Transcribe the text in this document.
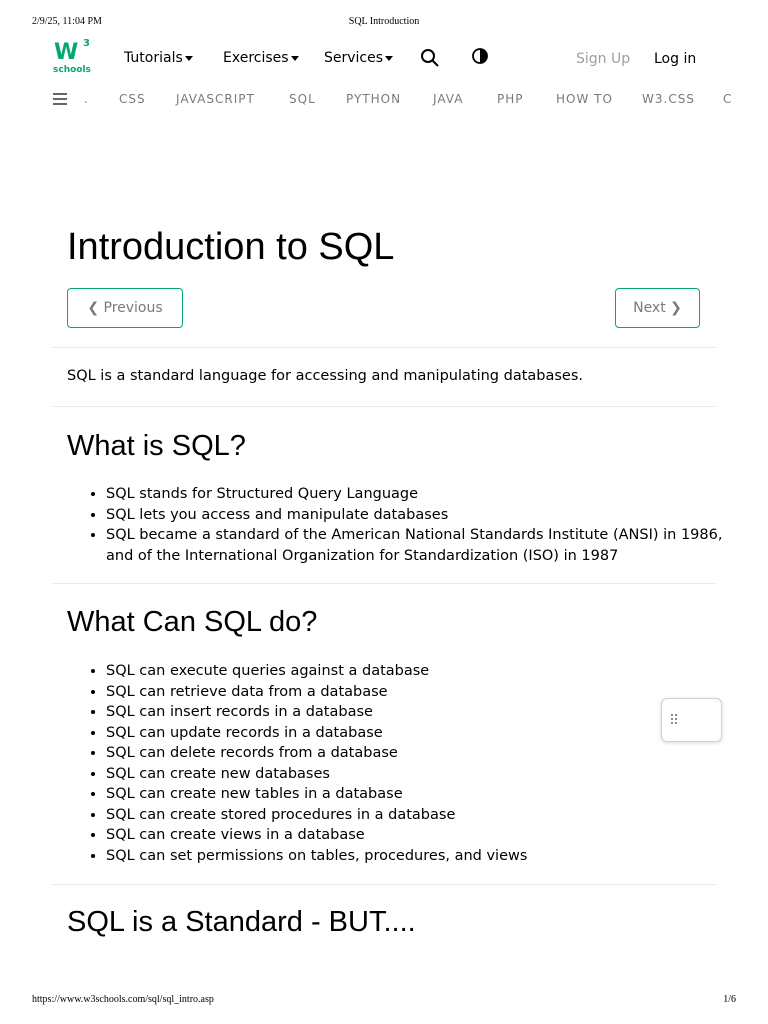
2/9/25, 11:04 PM	SQL Introduction
W 3
schools
Tutorials	Exercises	Services	Sign Up Log in
.	CSS	JAVASCRIPT	SQL	PYTHON	JAVA	PHP	HOW TO W3.CSS C
Introduction to SQL
❮ Previous	Next ❯
SQL is a standard language for accessing and manipulating databases.
What is SQL?
• SQL stands for Structured Query Language
• SQL lets you access and manipulate databases
• SQL became a standard of the American National Standards Institute (ANSI) in 1986, and of the International Organization for Standardization (ISO) in 1987
What Can SQL do?
• SQL can execute queries against a database
• SQL can retrieve data from a database
• SQL can insert records in a database
• SQL can update records in a database
• SQL can delete records from a database
• SQL can create new databases
• SQL can create new tables in a database
• SQL can create stored procedures in a database
• SQL can create views in a database
• SQL can set permissions on tables, procedures, and views
SQL is a Standard - BUT....
https://www.w3schools.com/sql/sql_intro.asp	1/6
